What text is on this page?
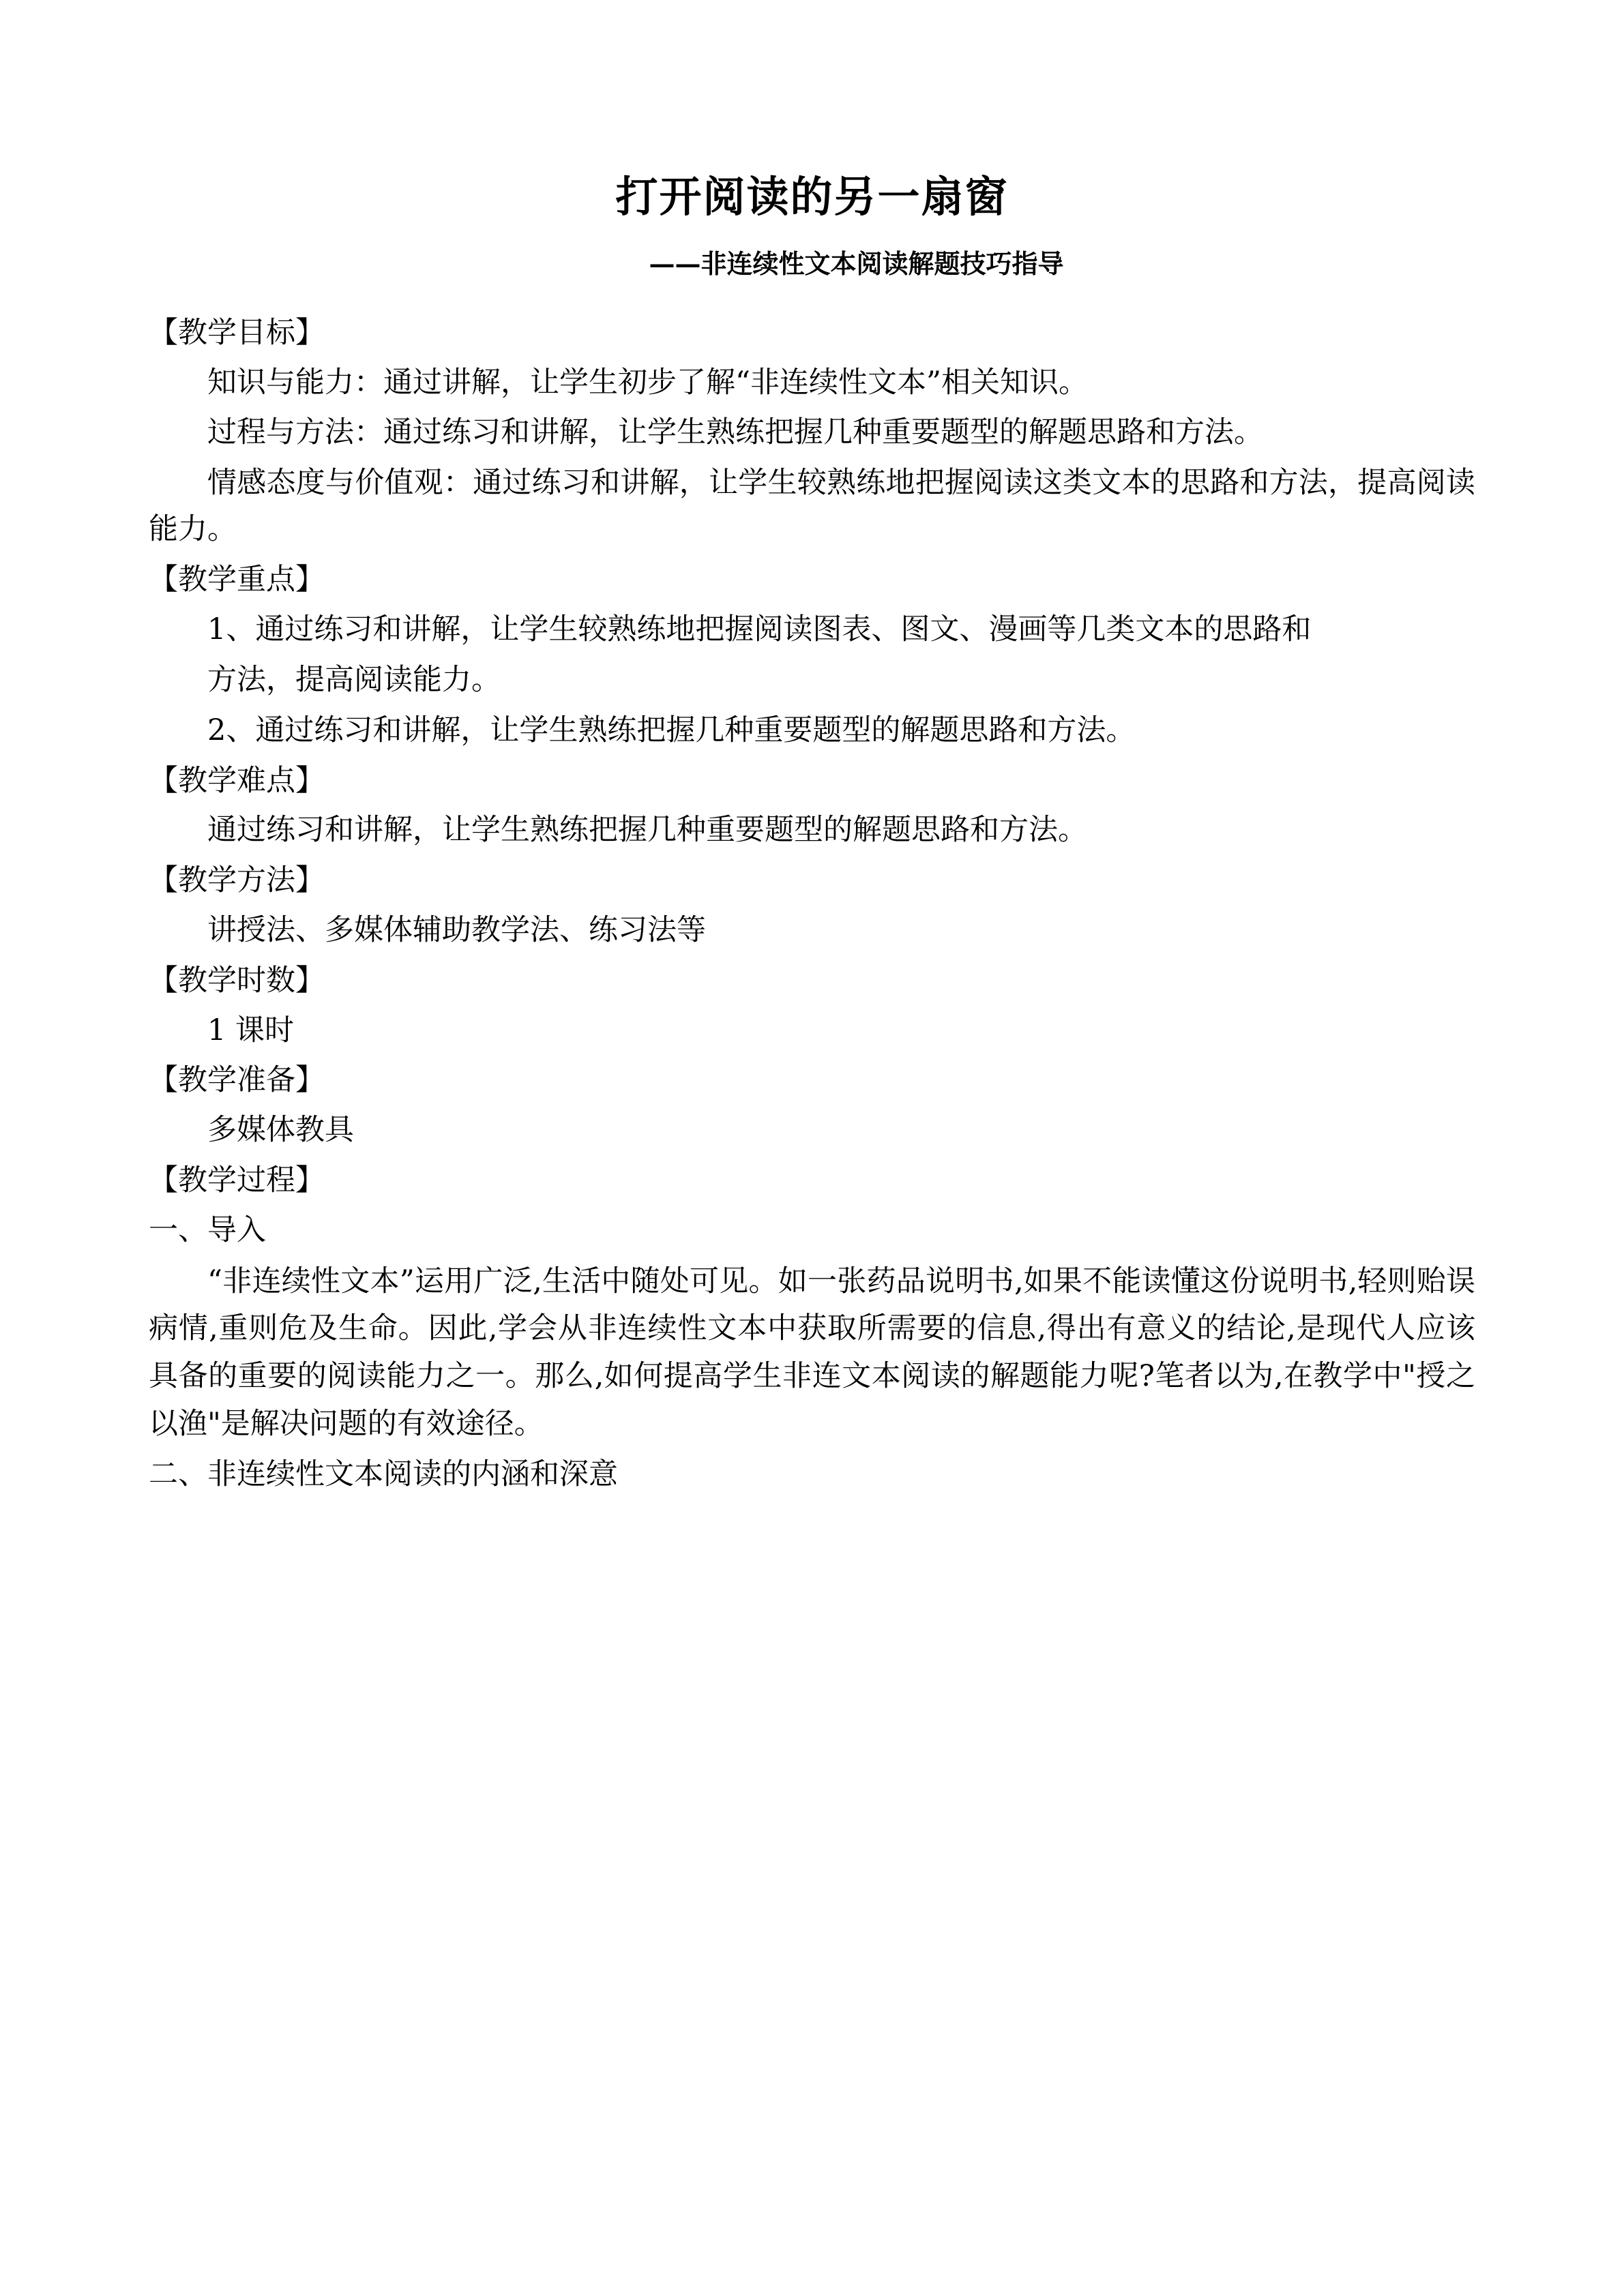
打开阅读的另一扇窗
——非连续性文本阅读解题技巧指导
【教学目标】

知识与能力：通过讲解，让学生初步了解“非连续性文本”相关知识。

过程与方法：通过练习和讲解，让学生熟练把握几种重要题型的解题思路和方法。

情感态度与价值观：通过练习和讲解，让学生较熟练地把握阅读这类文本的思路和方法，提高阅读能力。

【教学重点】

1、通过练习和讲解，让学生较熟练地把握阅读图表、图文、漫画等几类文本的思路和

方法，提高阅读能力。

2、通过练习和讲解，让学生熟练把握几种重要题型的解题思路和方法。

【教学难点】

通过练习和讲解，让学生熟练把握几种重要题型的解题思路和方法。

【教学方法】

讲授法、多媒体辅助教学法、练习法等

【教学时数】

1 课时

【教学准备】

多媒体教具

【教学过程】

一、导入

“非连续性文本”运用广泛‚生活中随处可见。如一张药品说明书‚如果不能读懂这份说明书‚轻则贻误病情‚重则危及生命。因此‚学会从非连续性文本中获取所需要的信息‚得出有意义的结论‚是现代人应该具备的重要的阅读能力之一。那么‚如何提高学生非连文本阅读的解题能力呢?笔者以为‚在教学中"授之以渔"是解决问题的有效途径。

二、非连续性文本阅读的内涵和深意
